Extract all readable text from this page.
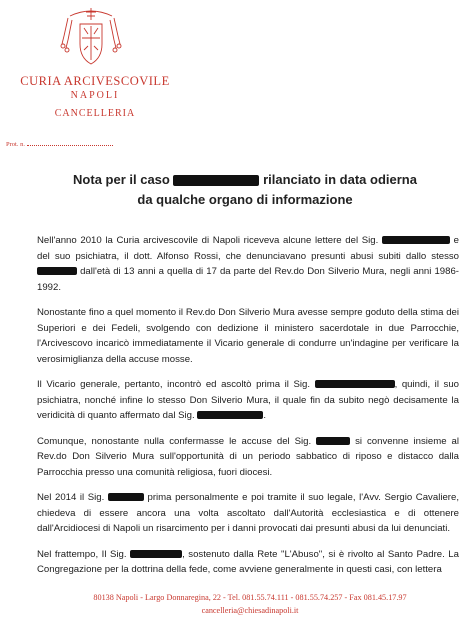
CURIA ARCIVESCOVILE
NAPOLI
CANCELLERIA
Prot. n.
Nota per il caso	rilanciato in data odierna
da qualche organo di informazione

Nell'anno 2010 la Curia arcivescovile di Napoli riceveva alcune lettere del Sig.	e del suo psichiatra, il dott. Alfonso Rossi, che denunciavano presunti abusi subiti dallo stesso  dall'età di 13 anni a quella di 17 da parte del Rev.do Don Silverio Mura, negli anni 1986-1992.

Nonostante fino a quel momento il Rev.do Don Silverio Mura avesse sempre goduto della stima dei Superiori e dei Fedeli, svolgendo con dedizione il ministero sacerdotale in due Parrocchie, l'Arcivescovo incaricò immediatamente il Vicario generale di condurre un'indagine per verificare la verosimiglianza della accuse mosse.

Il Vicario generale, pertanto, incontrò ed ascoltò prima il Sig.	, quindi, il suo psichiatra, nonché infine lo stesso Don Silverio Mura, il quale fin da subito negò decisamente la veridicità di quanto affermato dal Sig.	.

Comunque, nonostante nulla confermasse le accuse del Sig.	si convenne insieme al Rev.do Don Silverio Mura sull'opportunità di un periodo sabbatico di riposo e distacco dalla Parrocchia presso una comunità religiosa, fuori diocesi.

Nel 2014 il Sig.	prima personalmente e poi tramite il suo legale, l'Avv. Sergio Cavaliere, chiedeva di essere ancora una volta ascoltato dall'Autorità ecclesiastica e di ottenere dall'Arcidiocesi di Napoli un risarcimento per i danni provocati dai presunti abusi da lui denunciati.

Nel frattempo, Il Sig.	, sostenuto dalla Rete "L'Abuso", si è rivolto al Santo Padre. La Congregazione per la dottrina della fede, come avviene generalmente in questi casi, con lettera

80138 Napoli - Largo Donnaregina, 22 - Tel. 081.55.74.111 - 081.55.74.257 - Fax 081.45.17.97
cancelleria@chiesadinapoli.it
